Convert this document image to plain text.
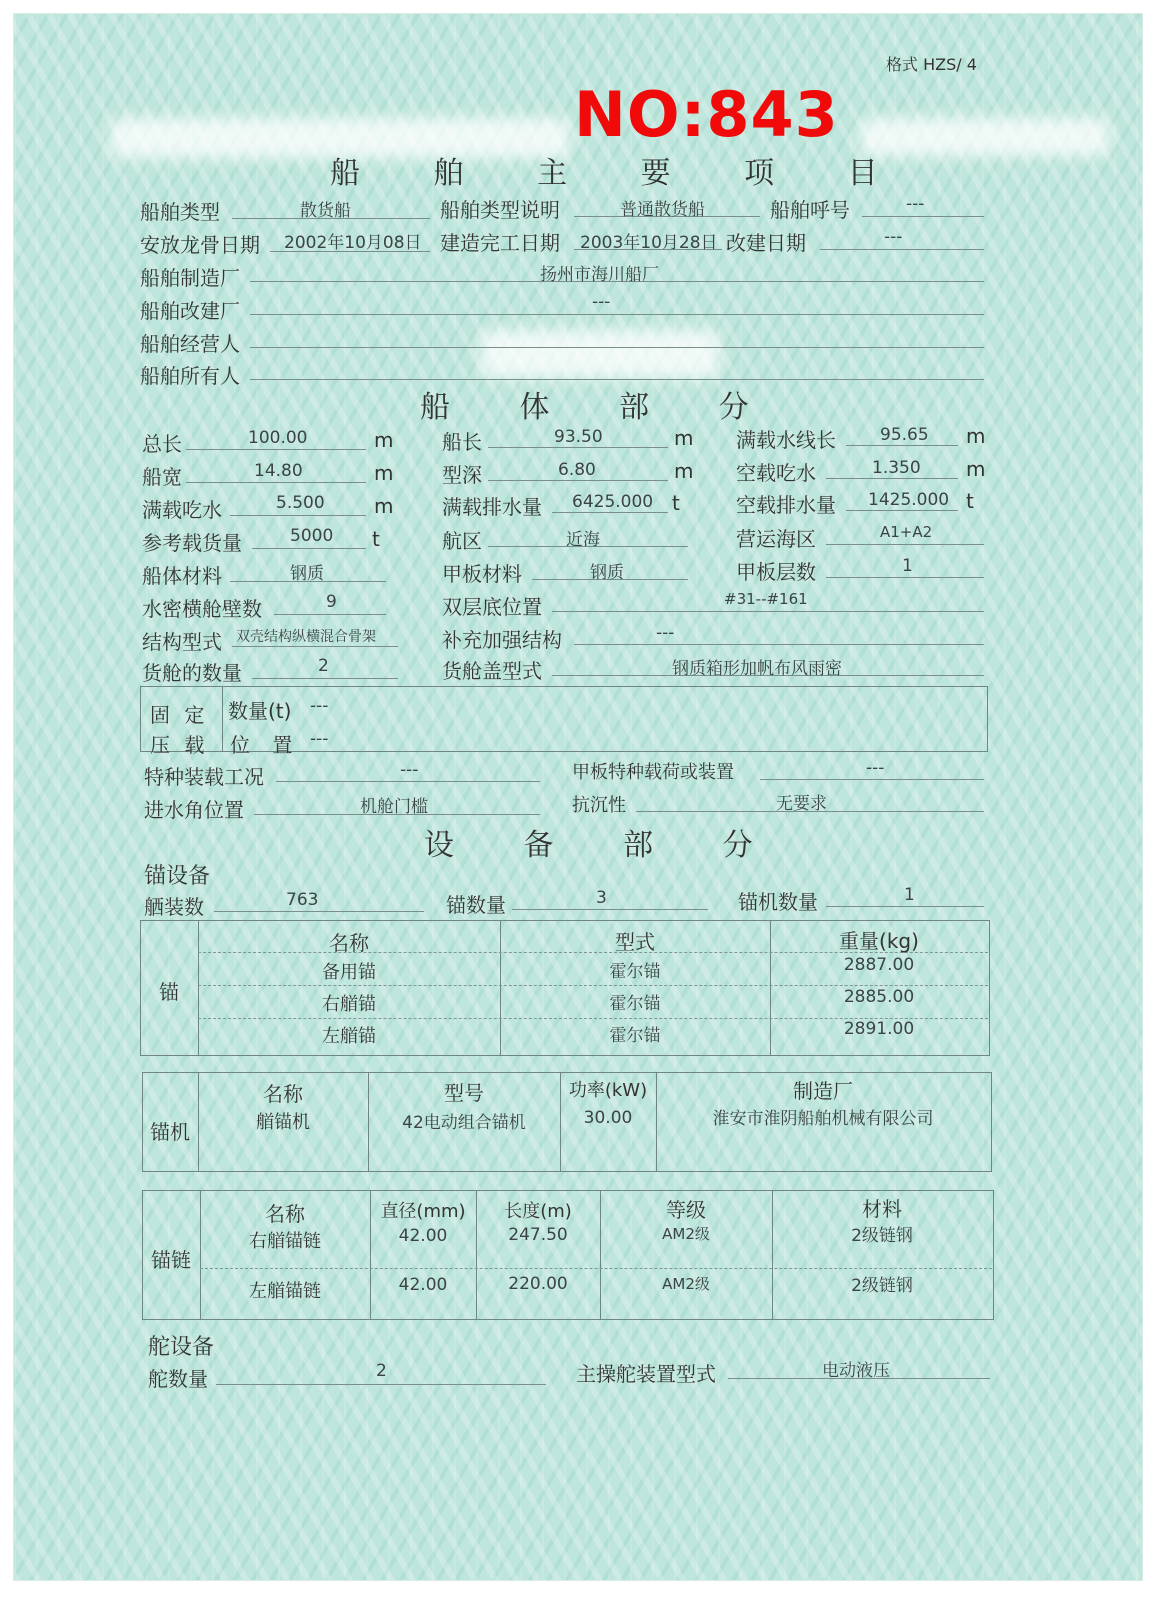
格式 HZS/ 4
NO:843
船 舶 主 要 项 目
船舶类型	散货船	船舶类型说明	普通散货船	船舶呼号	---
安放龙骨日期 2002年10月08日 建造完工日期 2003年10月28日 改建日期	---
船舶制造厂	扬州市海川船厂
船舶改建厂	---
船舶经营人
船舶所有人
船 体 部 分
总长	100.00	m 船长	93.50	m 满载水线长	95.65 m
船宽	14.80	m 型深	6.80	m 空载吃水	1.350 m
满载吃水	5.500 m 满载排水量 6425.000 t	空载排水量 1425.000 t
参考载货量	5000 t	航区	近海	营运海区	A1+A2
船体材料	钢质	甲板材料	钢质	甲板层数	1
水密横舱壁数	9	双层底位置	#31--#161
结构型式 双壳结构纵横混合骨架	补充加强结构	---
货舱的数量	2	货舱盖型式	钢质箱形加帆布风雨密
固 定
压 载
数量(t) ---
位 置 ---
特种装载工况	---	甲板特种载荷或装置	---
进水角位置	机舱门槛	抗沉性	无要求
设 备 部 分
锚设备
舾装数	763	锚数量	3	锚机数量	1
锚
名称	型式	重量(kg)
备用锚	霍尔锚	2887.00
右艏锚	霍尔锚	2885.00
左艏锚	霍尔锚	2891.00
锚机
名称	型号	功率(kW)	制造厂
艏锚机	42电动组合锚机	30.00	淮安市淮阴船舶机械有限公司
锚链
名称	直径(mm)	长度(m)	等级	材料
右艏锚链	42.00	247.50	AM2级	2级链钢
左艏锚链	42.00	220.00	AM2级	2级链钢
舵设备
舵数量	2	主操舵装置型式	电动液压
